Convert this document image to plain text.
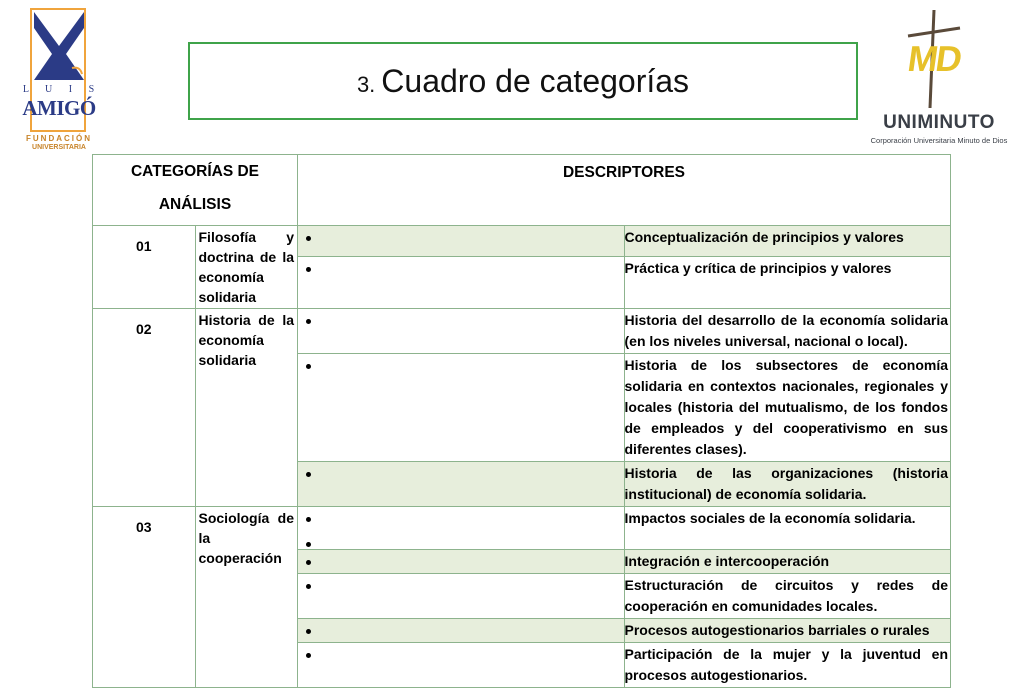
L U I S
AMIGÓ
FUNDACIÓN
UNIVERSITARIA
MD
UNIMINUTO
Corporación Universitaria Minuto de Dios
3. Cuadro de categorías
CATEGORÍAS DE ANÁLISIS		DESCRIPTORES	
01	Filosofía y doctrina de la economía solidaria		Conceptualización de principios y valores
			Práctica y crítica de principios y valores
02	Historia de la economía solidaria		Historia del desarrollo de la economía solidaria (en los niveles universal, nacional o local).
			Historia de los subsectores de economía solidaria en contextos nacionales, regionales y locales (historia del mutualismo, de los fondos de empleados y del cooperativismo en sus diferentes clases).
			Historia de las organizaciones (historia institucional) de economía solidaria.
03	Sociología de la cooperación		Impactos sociales de la economía solidaria.
			Integración e intercooperación
			Estructuración de circuitos y redes de cooperación en comunidades locales.
			Procesos autogestionarios barriales o rurales
			Participación de la mujer y la juventud en procesos autogestionarios.
